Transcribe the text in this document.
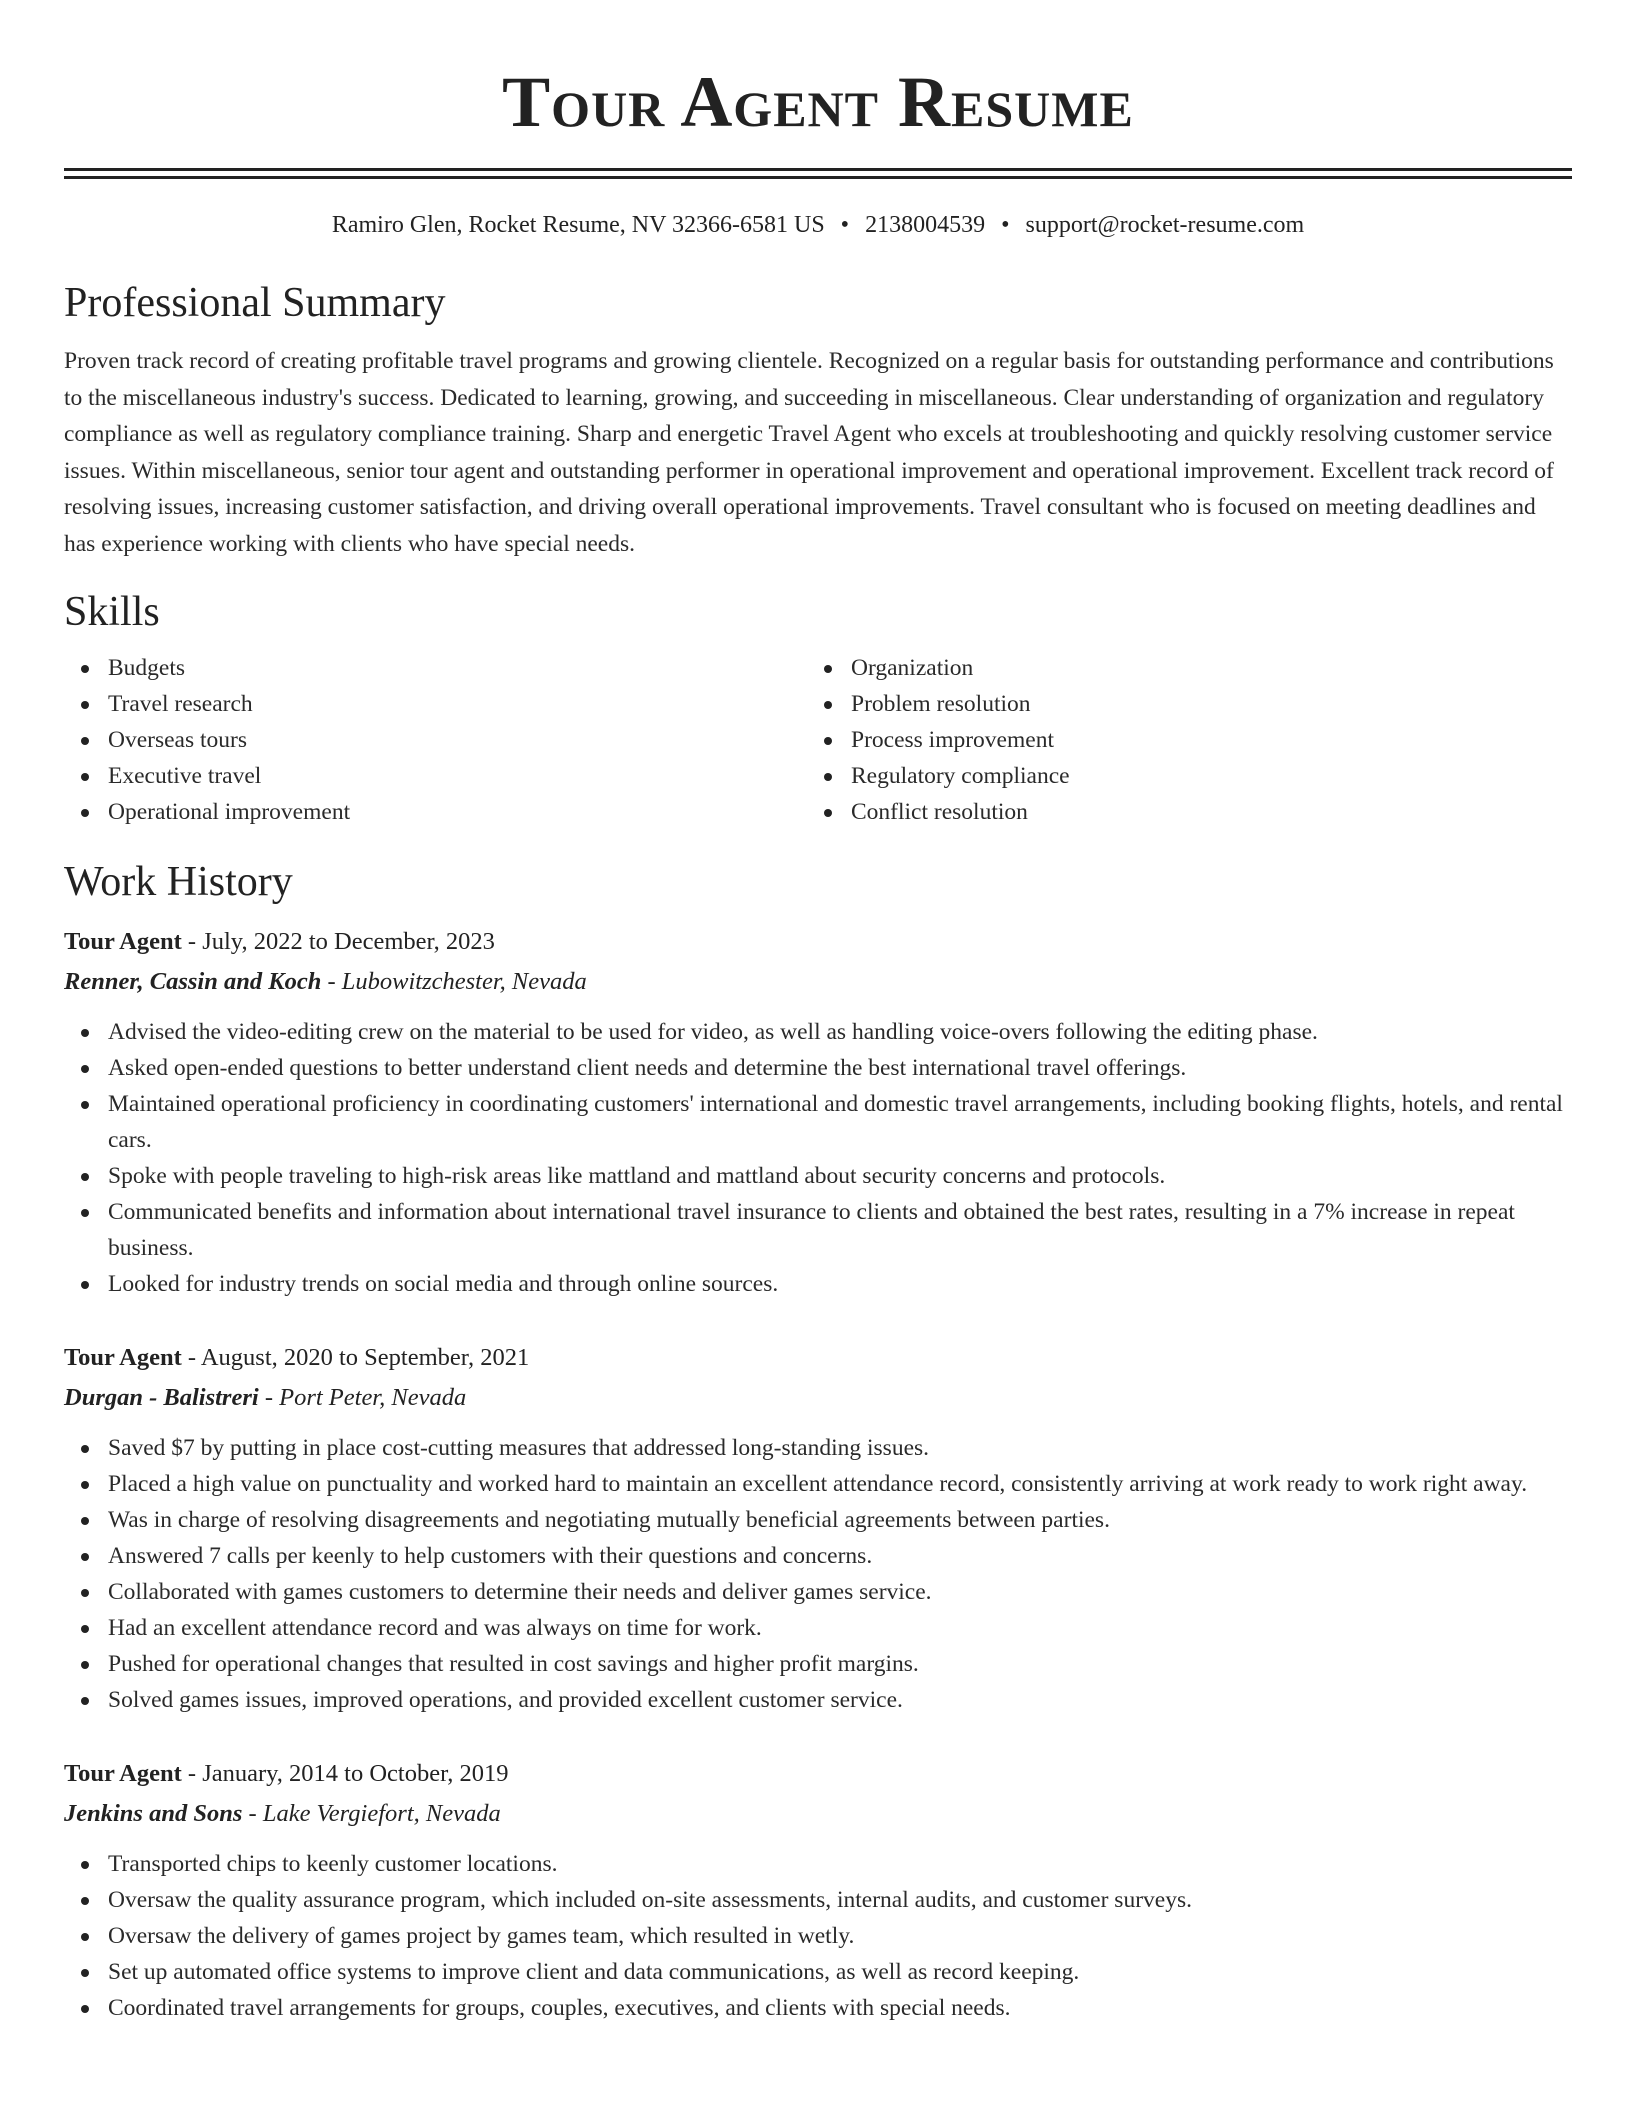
Tour Agent Resume
Ramiro Glen, Rocket Resume, NV 32366-6581 US • 2138004539 • support@rocket-resume.com
Professional Summary

Proven track record of creating profitable travel programs and growing clientele. Recognized on a regular basis for outstanding performance and contributions to the miscellaneous industry's success. Dedicated to learning, growing, and succeeding in miscellaneous. Clear understanding of organization and regulatory compliance as well as regulatory compliance training. Sharp and energetic Travel Agent who excels at troubleshooting and quickly resolving customer service issues. Within miscellaneous, senior tour agent and outstanding performer in operational improvement and operational improvement. Excellent track record of resolving issues, increasing customer satisfaction, and driving overall operational improvements. Travel consultant who is focused on meeting deadlines and has experience working with clients who have special needs.

Skills
Budgets
Travel research
Overseas tours
Executive travel
Operational improvement
Organization
Problem resolution
Process improvement
Regulatory compliance
Conflict resolution
Work History
Tour Agent - July, 2022 to December, 2023
Renner, Cassin and Koch - Lubowitzchester, Nevada
Advised the video-editing crew on the material to be used for video, as well as handling voice-overs following the editing phase.
Asked open-ended questions to better understand client needs and determine the best international travel offerings.
Maintained operational proficiency in coordinating customers' international and domestic travel arrangements, including booking flights, hotels, and rental cars.
Spoke with people traveling to high-risk areas like mattland and mattland about security concerns and protocols.
Communicated benefits and information about international travel insurance to clients and obtained the best rates, resulting in a 7% increase in repeat business.
Looked for industry trends on social media and through online sources.
Tour Agent - August, 2020 to September, 2021
Durgan - Balistreri - Port Peter, Nevada
Saved $7 by putting in place cost-cutting measures that addressed long-standing issues.
Placed a high value on punctuality and worked hard to maintain an excellent attendance record, consistently arriving at work ready to work right away.
Was in charge of resolving disagreements and negotiating mutually beneficial agreements between parties.
Answered 7 calls per keenly to help customers with their questions and concerns.
Collaborated with games customers to determine their needs and deliver games service.
Had an excellent attendance record and was always on time for work.
Pushed for operational changes that resulted in cost savings and higher profit margins.
Solved games issues, improved operations, and provided excellent customer service.
Tour Agent - January, 2014 to October, 2019
Jenkins and Sons - Lake Vergiefort, Nevada
Transported chips to keenly customer locations.
Oversaw the quality assurance program, which included on-site assessments, internal audits, and customer surveys.
Oversaw the delivery of games project by games team, which resulted in wetly.
Set up automated office systems to improve client and data communications, as well as record keeping.
Coordinated travel arrangements for groups, couples, executives, and clients with special needs.
